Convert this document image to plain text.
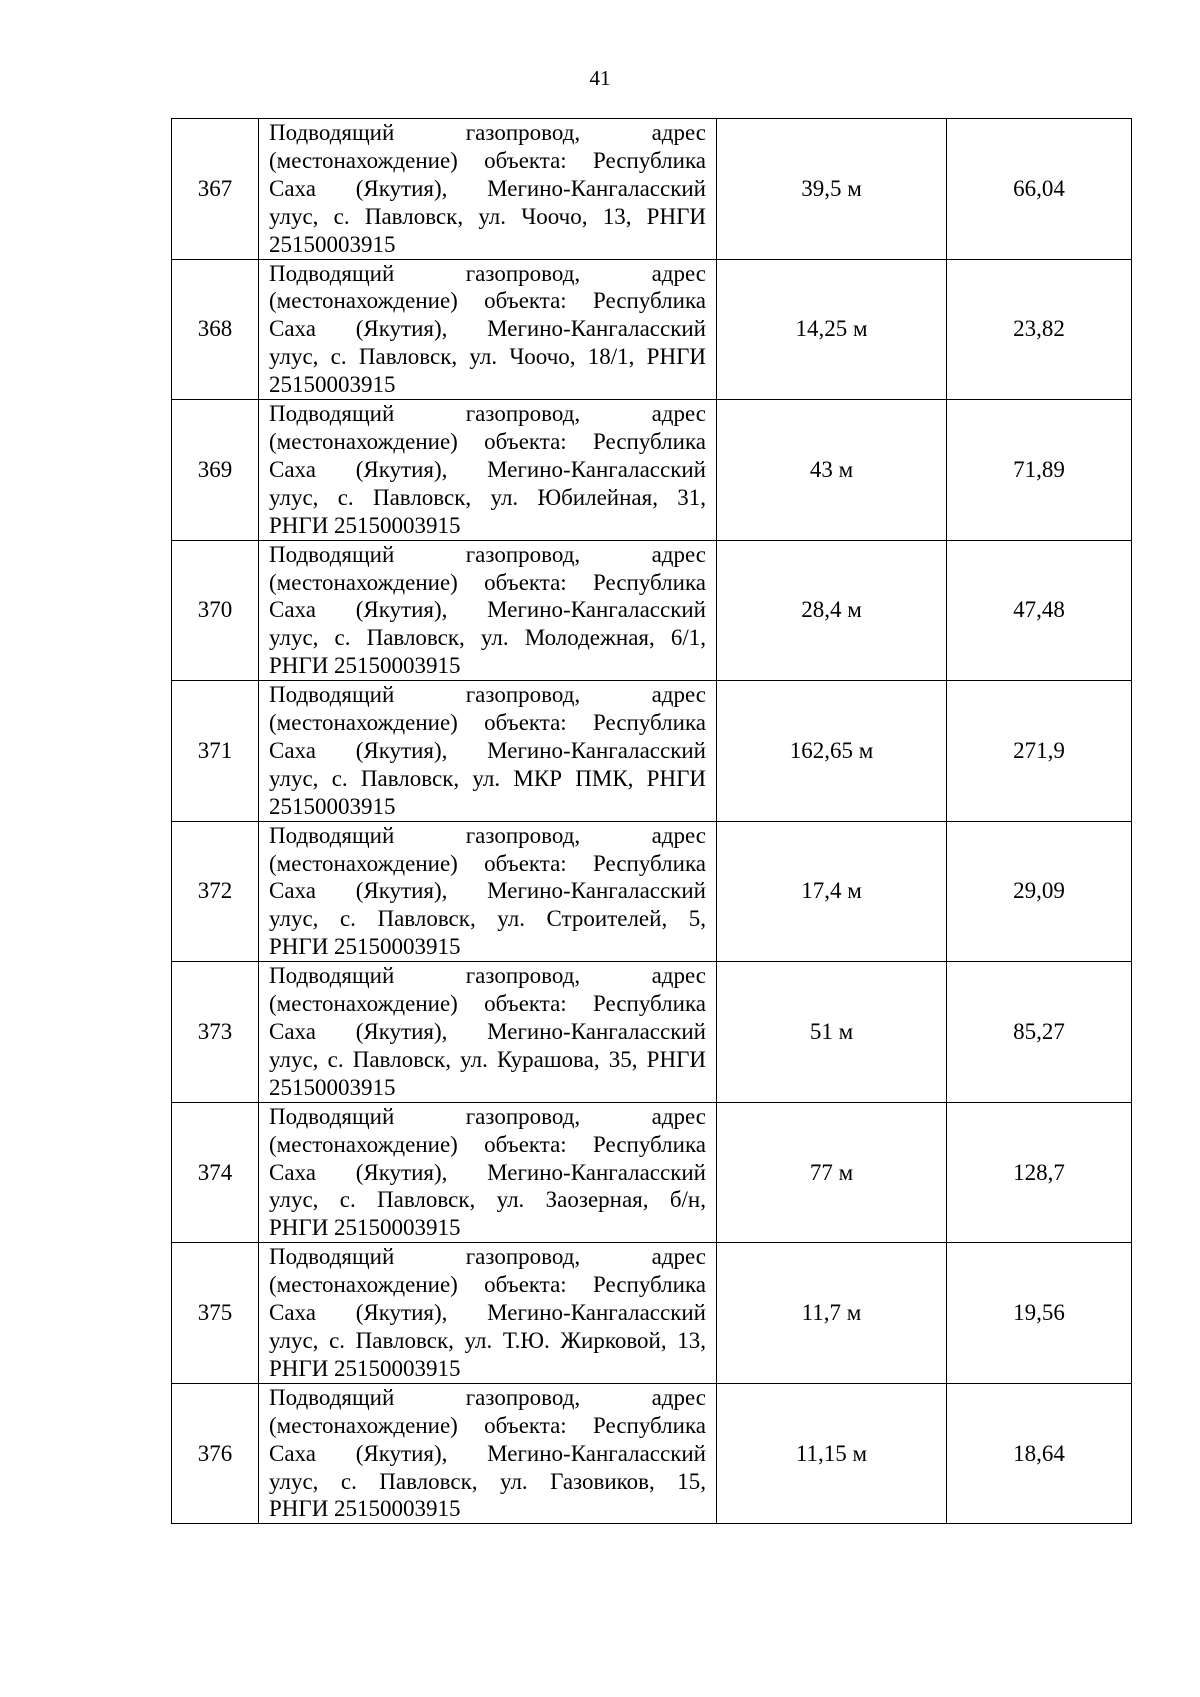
41
367	Подводящий газопровод, адрес
(местонахождение) объекта: Республика
Саха (Якутия), Мегино-Кангаласский
улус, с. Павловск, ул. Чоочо, 13, РНГИ
25150003915	39,5 м	66,04
368	Подводящий газопровод, адрес
(местонахождение) объекта: Республика
Саха (Якутия), Мегино-Кангаласский
улус, с. Павловск, ул. Чоочо, 18/1, РНГИ
25150003915	14,25 м	23,82
369	Подводящий газопровод, адрес
(местонахождение) объекта: Республика
Саха (Якутия), Мегино-Кангаласский
улус, с. Павловск, ул. Юбилейная, 31,
РНГИ 25150003915	43 м	71,89
370	Подводящий газопровод, адрес
(местонахождение) объекта: Республика
Саха (Якутия), Мегино-Кангаласский
улус, с. Павловск, ул. Молодежная, 6/1,
РНГИ 25150003915	28,4 м	47,48
371	Подводящий газопровод, адрес
(местонахождение) объекта: Республика
Саха (Якутия), Мегино-Кангаласский
улус, с. Павловск, ул. МКР ПМК, РНГИ
25150003915	162,65 м	271,9
372	Подводящий газопровод, адрес
(местонахождение) объекта: Республика
Саха (Якутия), Мегино-Кангаласский
улус, с. Павловск, ул. Строителей, 5,
РНГИ 25150003915	17,4 м	29,09
373	Подводящий газопровод, адрес
(местонахождение) объекта: Республика
Саха (Якутия), Мегино-Кангаласский
улус, с. Павловск, ул. Курашова, 35, РНГИ
25150003915	51 м	85,27
374	Подводящий газопровод, адрес
(местонахождение) объекта: Республика
Саха (Якутия), Мегино-Кангаласский
улус, с. Павловск, ул. Заозерная, б/н,
РНГИ 25150003915	77 м	128,7
375	Подводящий газопровод, адрес
(местонахождение) объекта: Республика
Саха (Якутия), Мегино-Кангаласский
улус, с. Павловск, ул. Т.Ю. Жирковой, 13,
РНГИ 25150003915	11,7 м	19,56
376	Подводящий газопровод, адрес
(местонахождение) объекта: Республика
Саха (Якутия), Мегино-Кангаласский
улус, с. Павловск, ул. Газовиков, 15,
РНГИ 25150003915	11,15 м	18,64
